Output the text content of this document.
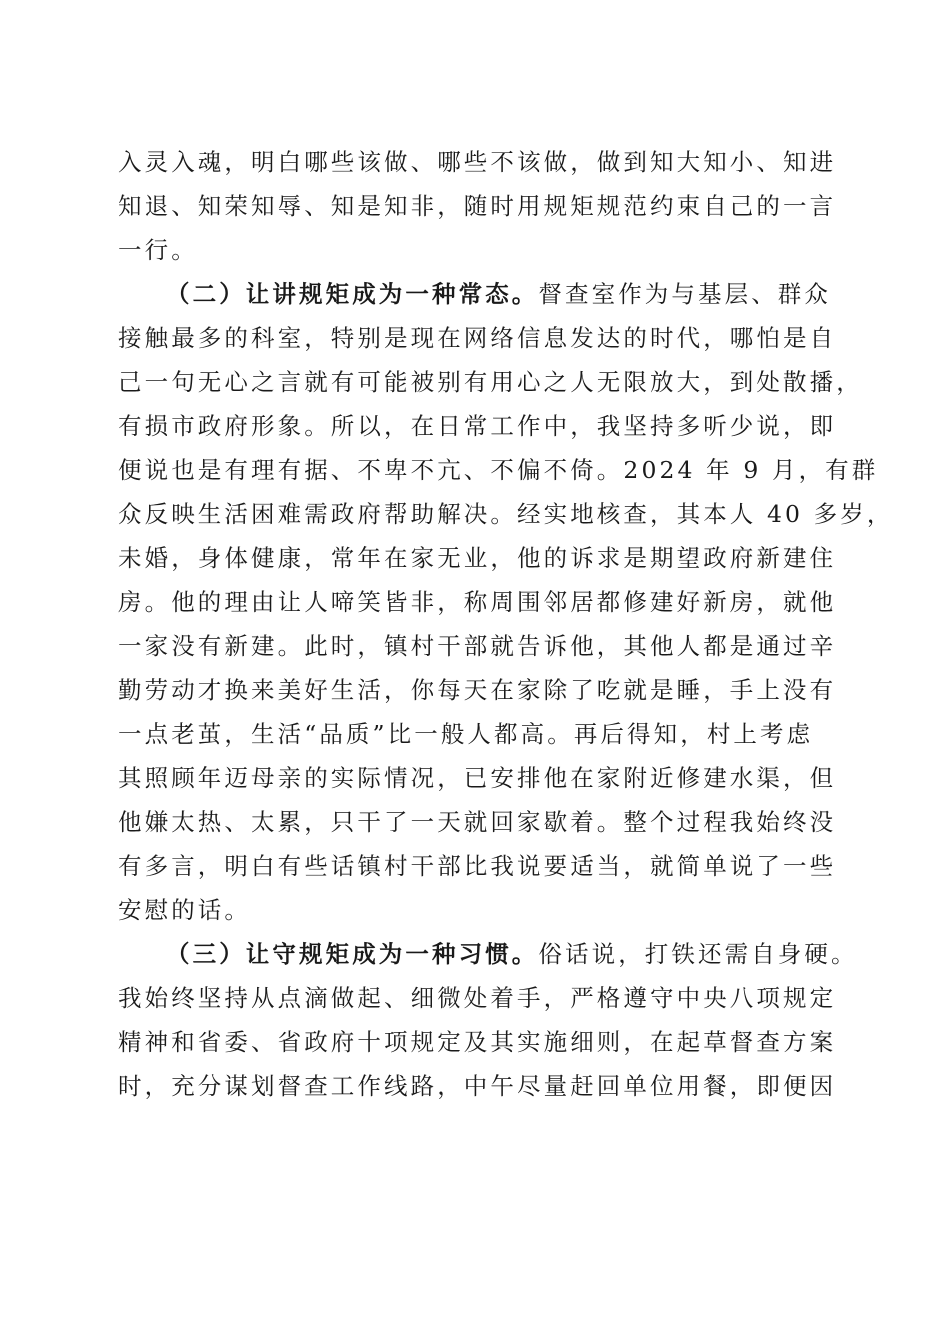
入灵入魂，明白哪些该做、哪些不该做，做到知大知小、知进
知退、知荣知辱、知是知非，随时用规矩规范约束自己的一言
一行。
（二）让讲规矩成为一种常态。督查室作为与基层、群众
接触最多的科室，特别是现在网络信息发达的时代，哪怕是自
己一句无心之言就有可能被别有用心之人无限放大，到处散播，
有损市政府形象。所以，在日常工作中，我坚持多听少说，即
便说也是有理有据、不卑不亢、不偏不倚。2024 年 9 月，有群
众反映生活困难需政府帮助解决。经实地核查，其本人 40 多岁，
未婚，身体健康，常年在家无业，他的诉求是期望政府新建住
房。他的理由让人啼笑皆非，称周围邻居都修建好新房，就他
一家没有新建。此时，镇村干部就告诉他，其他人都是通过辛
勤劳动才换来美好生活，你每天在家除了吃就是睡，手上没有
一点老茧，生活“品质”比一般人都高。再后得知，村上考虑
其照顾年迈母亲的实际情况，已安排他在家附近修建水渠，但
他嫌太热、太累，只干了一天就回家歇着。整个过程我始终没
有多言，明白有些话镇村干部比我说要适当，就简单说了一些
安慰的话。
（三）让守规矩成为一种习惯。俗话说，打铁还需自身硬。
我始终坚持从点滴做起、细微处着手，严格遵守中央八项规定
精神和省委、省政府十项规定及其实施细则，在起草督查方案
时，充分谋划督查工作线路，中午尽量赶回单位用餐，即便因
